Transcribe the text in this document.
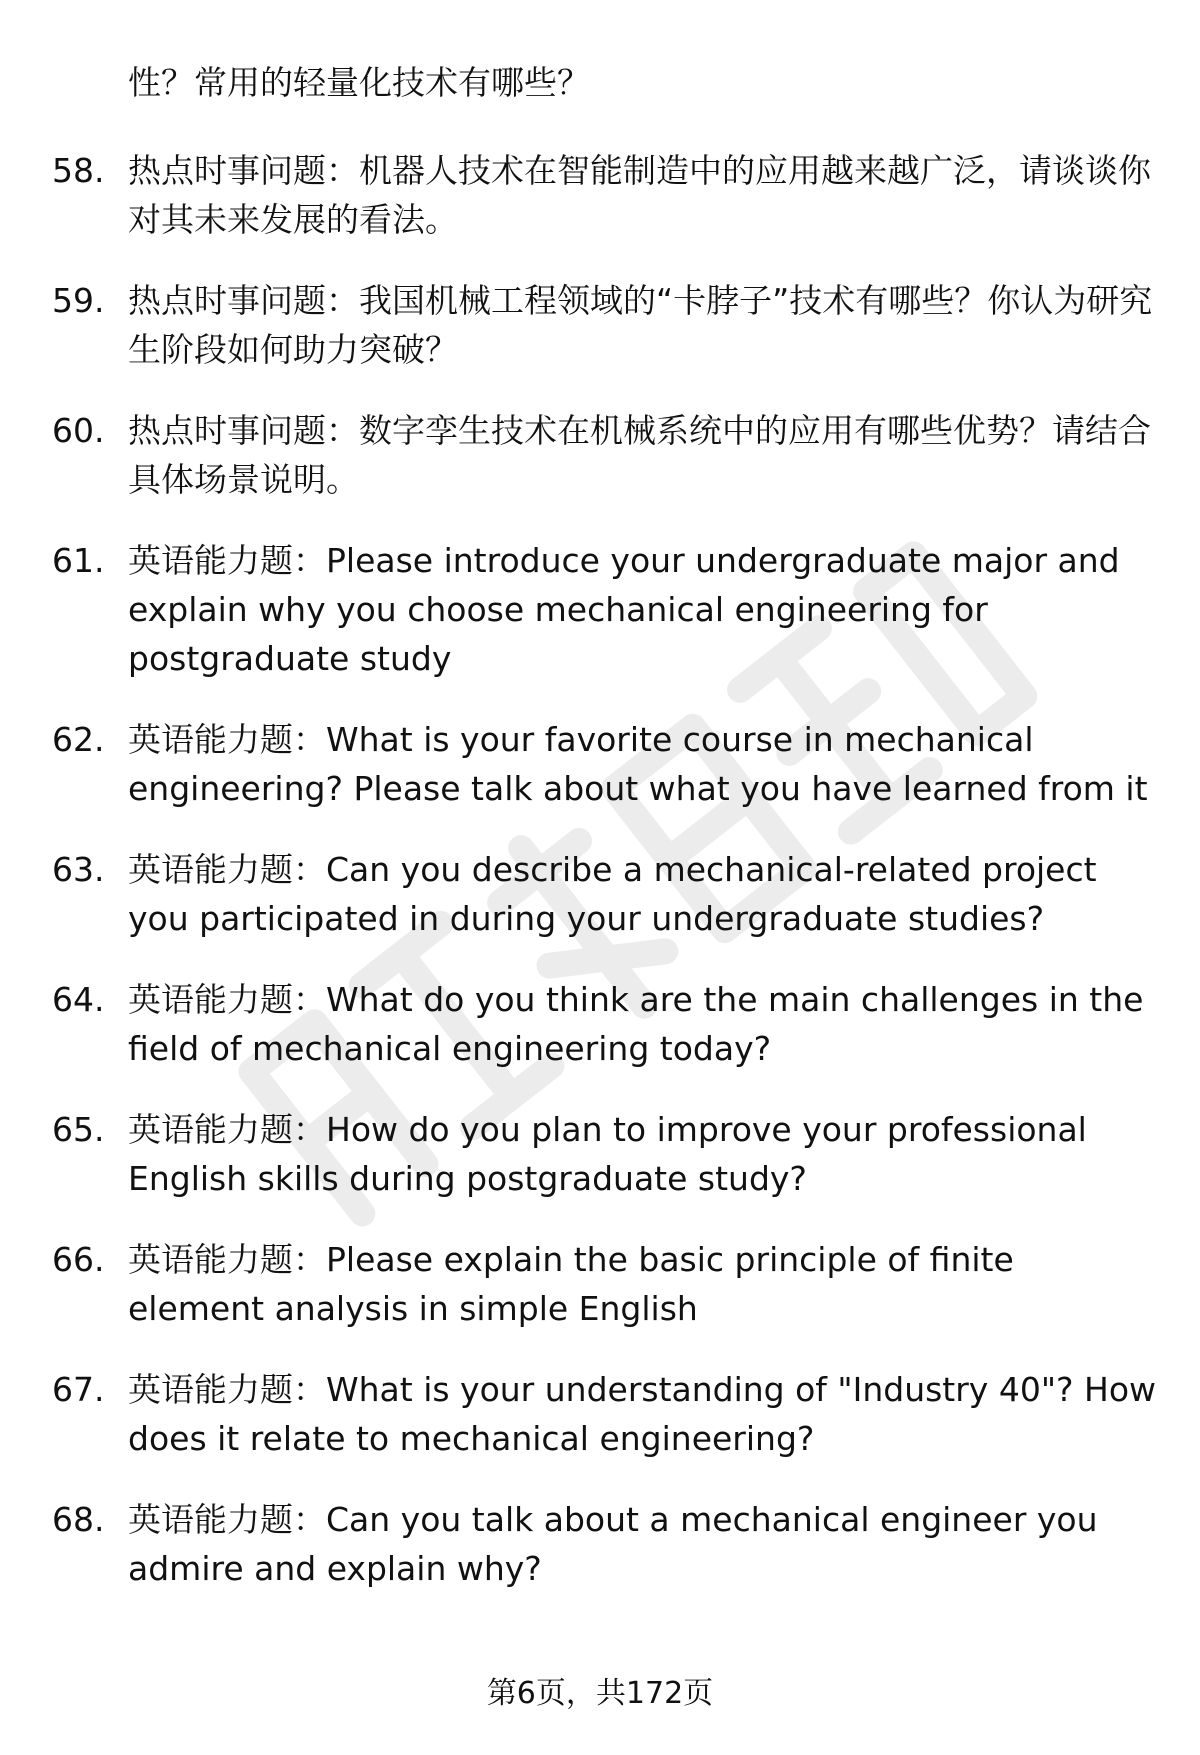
性？常用的轻量化技术有哪些？
58. 热点时事问题：机器人技术在智能制造中的应用越来越广泛，请谈谈你对其未来发展的看法。
59. 热点时事问题：我国机械工程领域的“卡脖子”技术有哪些？你认为研究生阶段如何助力突破？
60. 热点时事问题：数字孪生技术在机械系统中的应用有哪些优势？请结合具体场景说明。
61. 英语能力题：Please introduce your undergraduate major and explain why you choose mechanical engineering for postgraduate study
62. 英语能力题：What is your favorite course in mechanical engineering? Please talk about what you have learned from it
63. 英语能力题：Can you describe a mechanical-related project you participated in during your undergraduate studies?
64. 英语能力题：What do you think are the main challenges in the field of mechanical engineering today?
65. 英语能力题：How do you plan to improve your professional English skills during postgraduate study?
66. 英语能力题：Please explain the basic principle of finite element analysis in simple English
67. 英语能力题：What is your understanding of "Industry 40"? How does it relate to mechanical engineering?
68. 英语能力题：Can you talk about a mechanical engineer you admire and explain why?
第6页，共172页
